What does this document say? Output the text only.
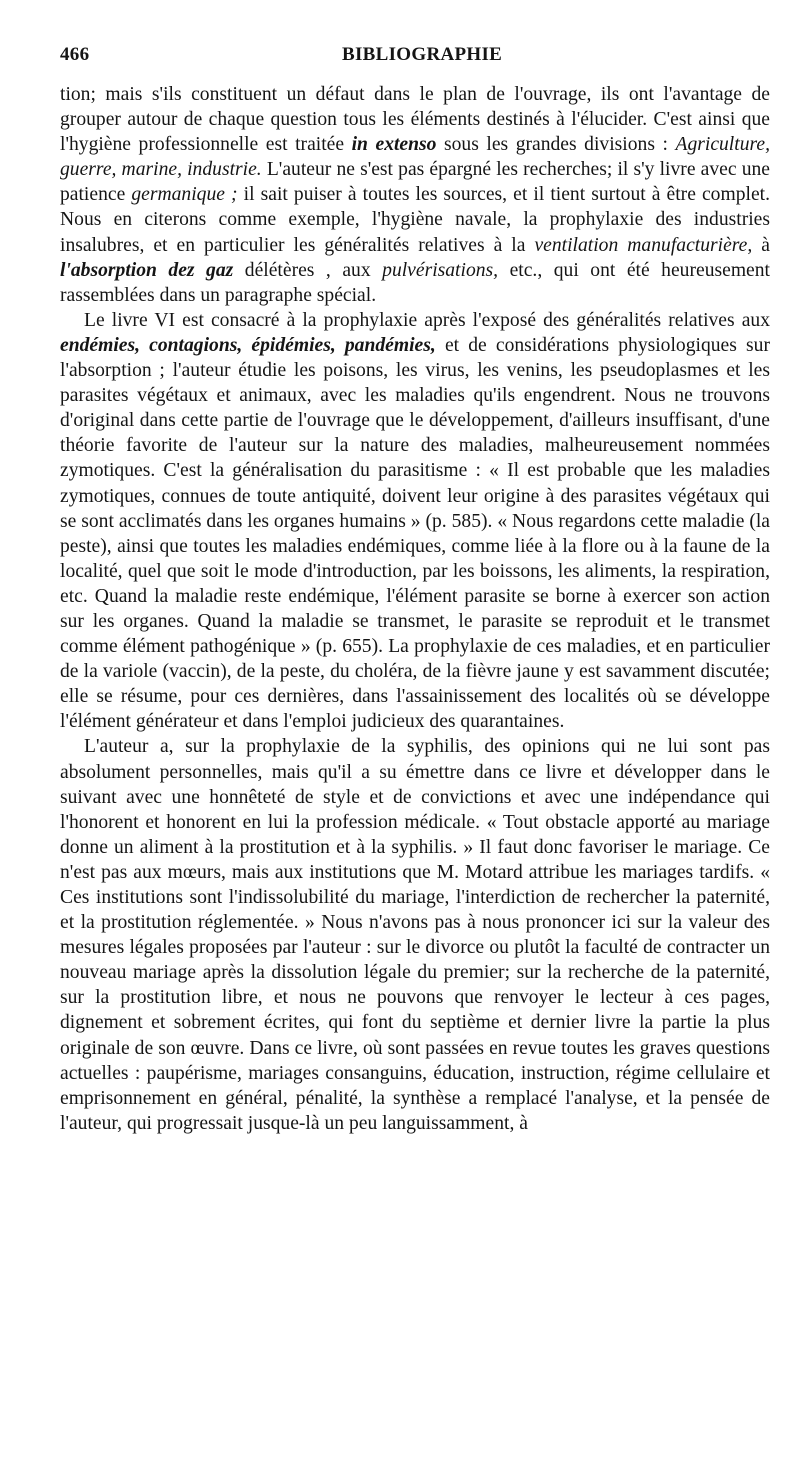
466	BIBLIOGRAPHIE

tion; mais s'ils constituent un défaut dans le plan de l'ouvrage, ils ont l'avantage de grouper autour de chaque question tous les éléments destinés à l'élucider. C'est ainsi que l'hygiène professionnelle est traitée in extenso sous les grandes divisions : Agriculture, guerre, marine, industrie. L'auteur ne s'est pas épargné les recherches; il s'y livre avec une patience germanique ; il sait puiser à toutes les sources, et il tient surtout à être complet. Nous en citerons comme exemple, l'hygiène navale, la prophylaxie des industries insalubres, et en particulier les généralités relatives à la ventilation manufacturière, à l'absorption dez gaz délétères , aux pulvérisations, etc., qui ont été heureusement rassemblées dans un paragraphe spécial.

Le livre VI est consacré à la prophylaxie après l'exposé des généralités relatives aux endémies, contagions, épidémies, pandémies, et de considérations physiologiques sur l'absorption ; l'auteur étudie les poisons, les virus, les venins, les pseudoplasmes et les parasites végétaux et animaux, avec les maladies qu'ils engendrent. Nous ne trouvons d'original dans cette partie de l'ouvrage que le développement, d'ailleurs insuffisant, d'une théorie favorite de l'auteur sur la nature des maladies, malheureusement nommées zymotiques. C'est la généralisation du parasitisme : « Il est probable que les maladies zymotiques, connues de toute antiquité, doivent leur origine à des parasites végétaux qui se sont acclimatés dans les organes humains » (p. 585). « Nous regardons cette maladie (la peste), ainsi que toutes les maladies endémiques, comme liée à la flore ou à la faune de la localité, quel que soit le mode d'introduction, par les boissons, les aliments, la respiration, etc. Quand la maladie reste endémique, l'élément parasite se borne à exercer son action sur les organes. Quand la maladie se transmet, le parasite se reproduit et le transmet comme élément pathogénique » (p. 655). La prophylaxie de ces maladies, et en particulier de la variole (vaccin), de la peste, du choléra, de la fièvre jaune y est savamment discutée; elle se résume, pour ces dernières, dans l'assainissement des localités où se développe l'élément générateur et dans l'emploi judicieux des quarantaines.

L'auteur a, sur la prophylaxie de la syphilis, des opinions qui ne lui sont pas absolument personnelles, mais qu'il a su émettre dans ce livre et développer dans le suivant avec une honnêteté de style et de convictions et avec une indépendance qui l'honorent et honorent en lui la profession médicale. « Tout obstacle apporté au mariage donne un aliment à la prostitution et à la syphilis. » Il faut donc favoriser le mariage. Ce n'est pas aux mœurs, mais aux institutions que M. Motard attribue les mariages tardifs. « Ces institutions sont l'indissolubilité du mariage, l'interdiction de rechercher la paternité, et la prostitution réglementée. » Nous n'avons pas à nous prononcer ici sur la valeur des mesures légales proposées par l'auteur : sur le divorce ou plutôt la faculté de contracter un nouveau mariage après la dissolution légale du premier; sur la recherche de la paternité, sur la prostitution libre, et nous ne pouvons que renvoyer le lecteur à ces pages, dignement et sobrement écrites, qui font du septième et dernier livre la partie la plus originale de son œuvre. Dans ce livre, où sont passées en revue toutes les graves questions actuelles : paupérisme, mariages consanguins, éducation, instruction, régime cellulaire et emprisonnement en général, pénalité, la synthèse a remplacé l'analyse, et la pensée de l'auteur, qui progressait jusque-là un peu languissamment, à
